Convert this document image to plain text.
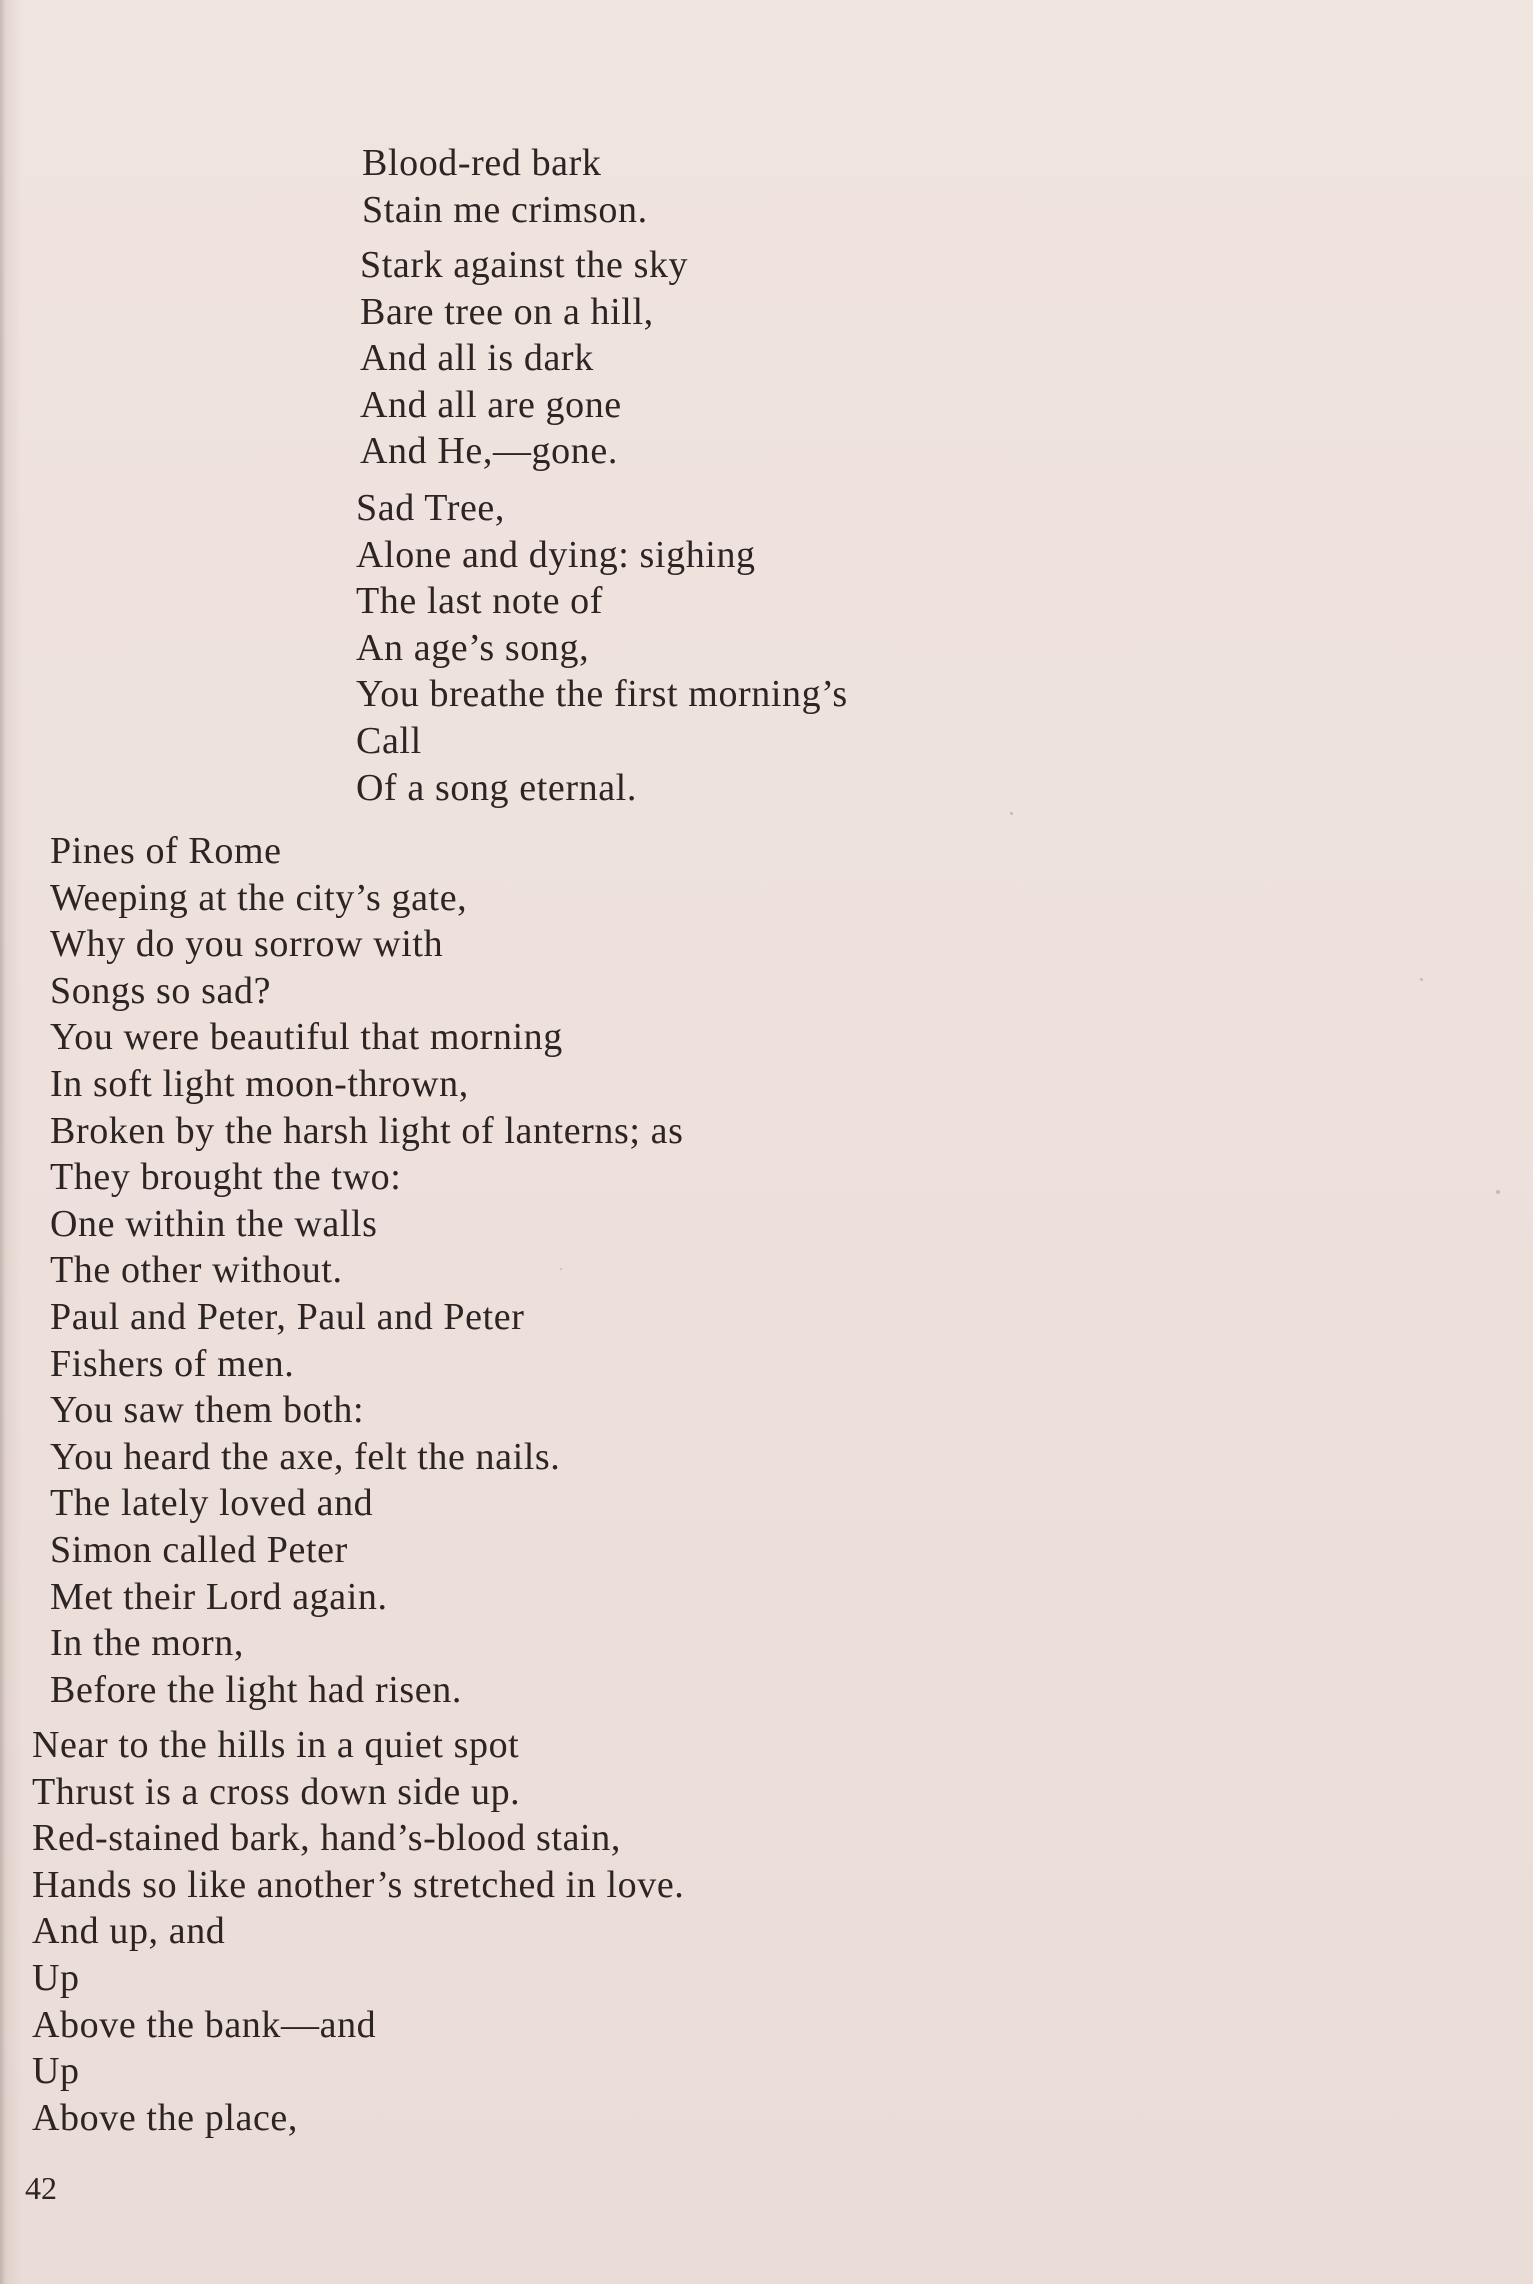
Blood-red bark
Stain me crimson.
Stark against the sky
Bare tree on a hill,
And all is dark
And all are gone
And He,—gone.
Sad Tree,
Alone and dying: sighing
The last note of
An age’s song,
You breathe the first morning’s
Call
Of a song eternal.
Pines of Rome
Weeping at the city’s gate,
Why do you sorrow with
Songs so sad?
You were beautiful that morning
In soft light moon-thrown,
Broken by the harsh light of lanterns; as
They brought the two:
One within the walls
The other without.
Paul and Peter, Paul and Peter
Fishers of men.
You saw them both:
You heard the axe, felt the nails.
The lately loved and
Simon called Peter
Met their Lord again.
In the morn,
Before the light had risen.
Near to the hills in a quiet spot
Thrust is a cross down side up.
Red-stained bark, hand’s-blood stain,
Hands so like another’s stretched in love.
And up, and
Up
Above the bank—and
Up
Above the place,
42
